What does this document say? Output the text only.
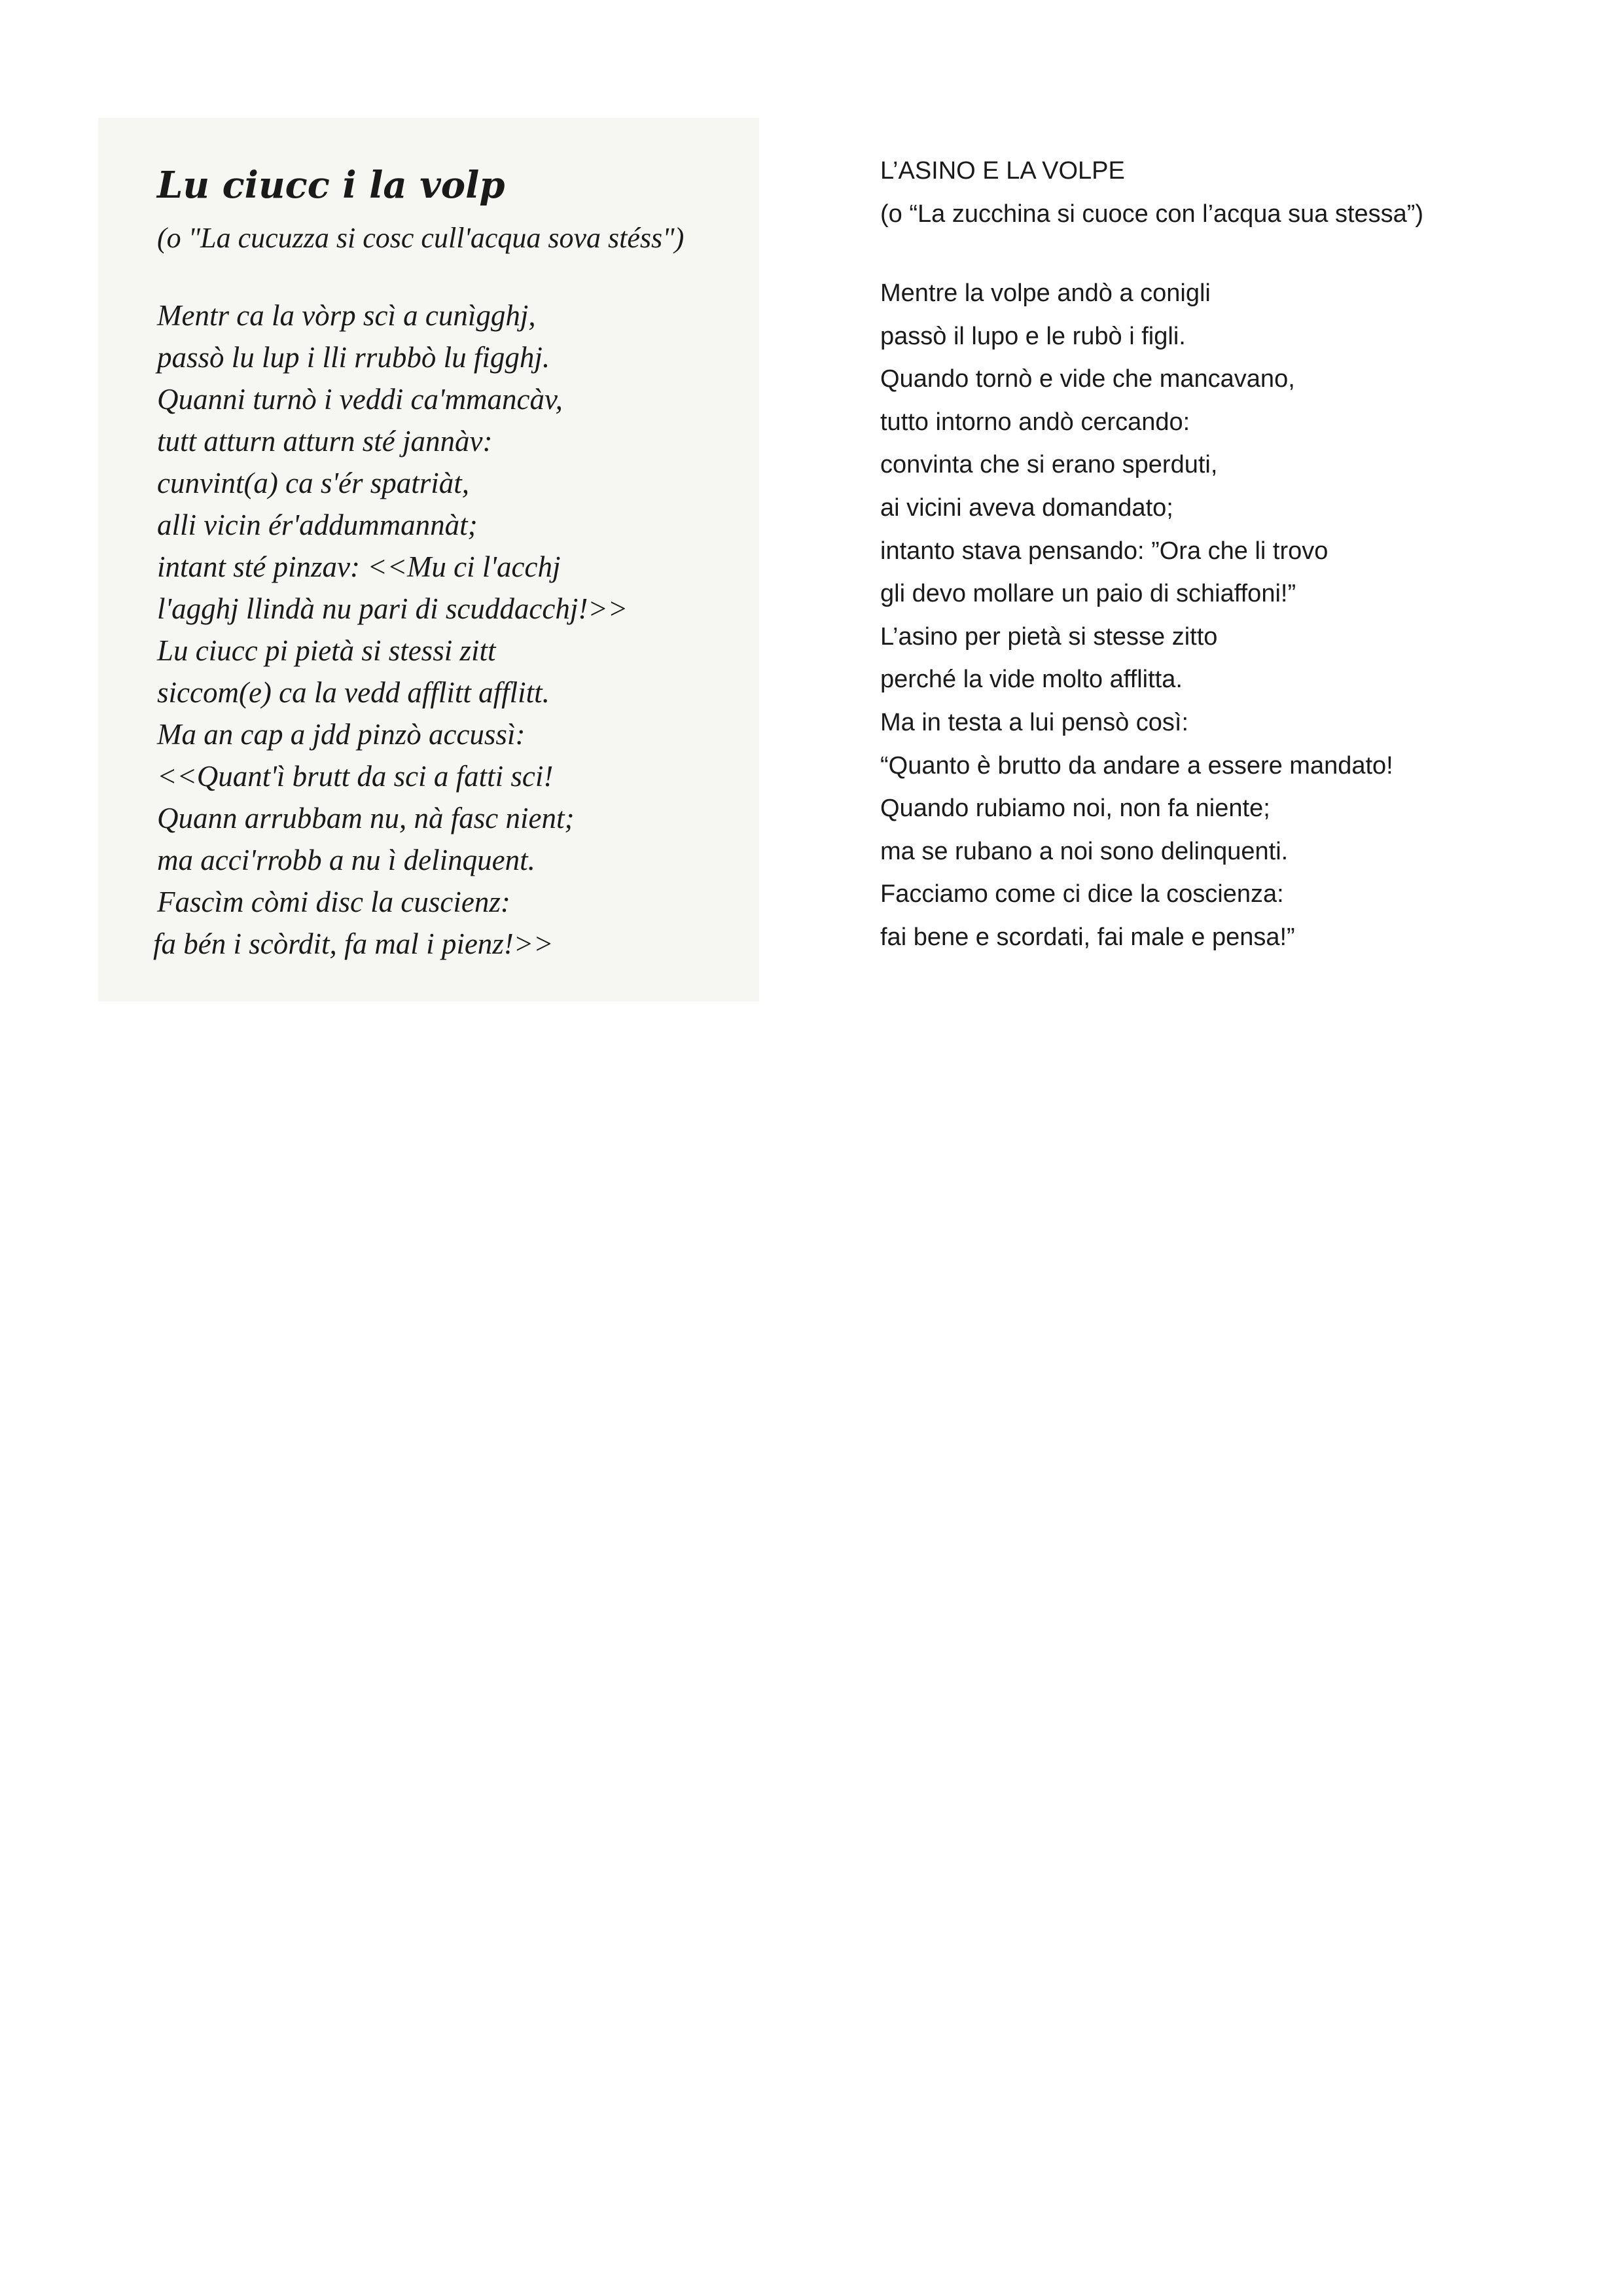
Lu ciucc i la volp

(o "La cucuzza si cosc cull'acqua sova stéss")

Mentr ca la vòrp scì a cunìgghj,
passò lu lup i lli rrubbò lu figghj.
Quanni turnò i veddi ca'mmancàv,
tutt atturn atturn sté jannàv:
cunvint(a) ca s'ér spatriàt,
alli vicin ér'addummannàt;
intant sté pinzav: <<Mu ci l'acchj
l'agghj llindà nu pari di scuddacchj!>>
Lu ciucc pi pietà si stessi zitt
siccom(e) ca la vedd afflitt afflitt.
Ma an cap a jdd pinzò accussì:
<<Quant'ì brutt da sci a fatti sci!
Quann arrubbam nu, nà fasc nient;
ma acci'rrobb a nu ì delinquent.
Fascìm còmi disc la cuscienz:
fa bén i scòrdit, fa mal i pienz!>>

L’ASINO E LA VOLPE

(o “La zucchina si cuoce con l’acqua sua stessa”)

Mentre la volpe andò a conigli
passò il lupo e le rubò i figli.
Quando tornò e vide che mancavano,
tutto intorno andò cercando:
convinta che si erano sperduti,
ai vicini aveva domandato;
intanto stava pensando: ”Ora che li trovo
gli devo mollare un paio di schiaffoni!”
L’asino per pietà si stesse zitto
perché la vide molto afflitta.
Ma in testa a lui pensò così:
“Quanto è brutto da andare a essere mandato!
Quando rubiamo noi, non fa niente;
ma se rubano a noi sono delinquenti.
Facciamo come ci dice la coscienza:
fai bene e scordati, fai male e pensa!”
